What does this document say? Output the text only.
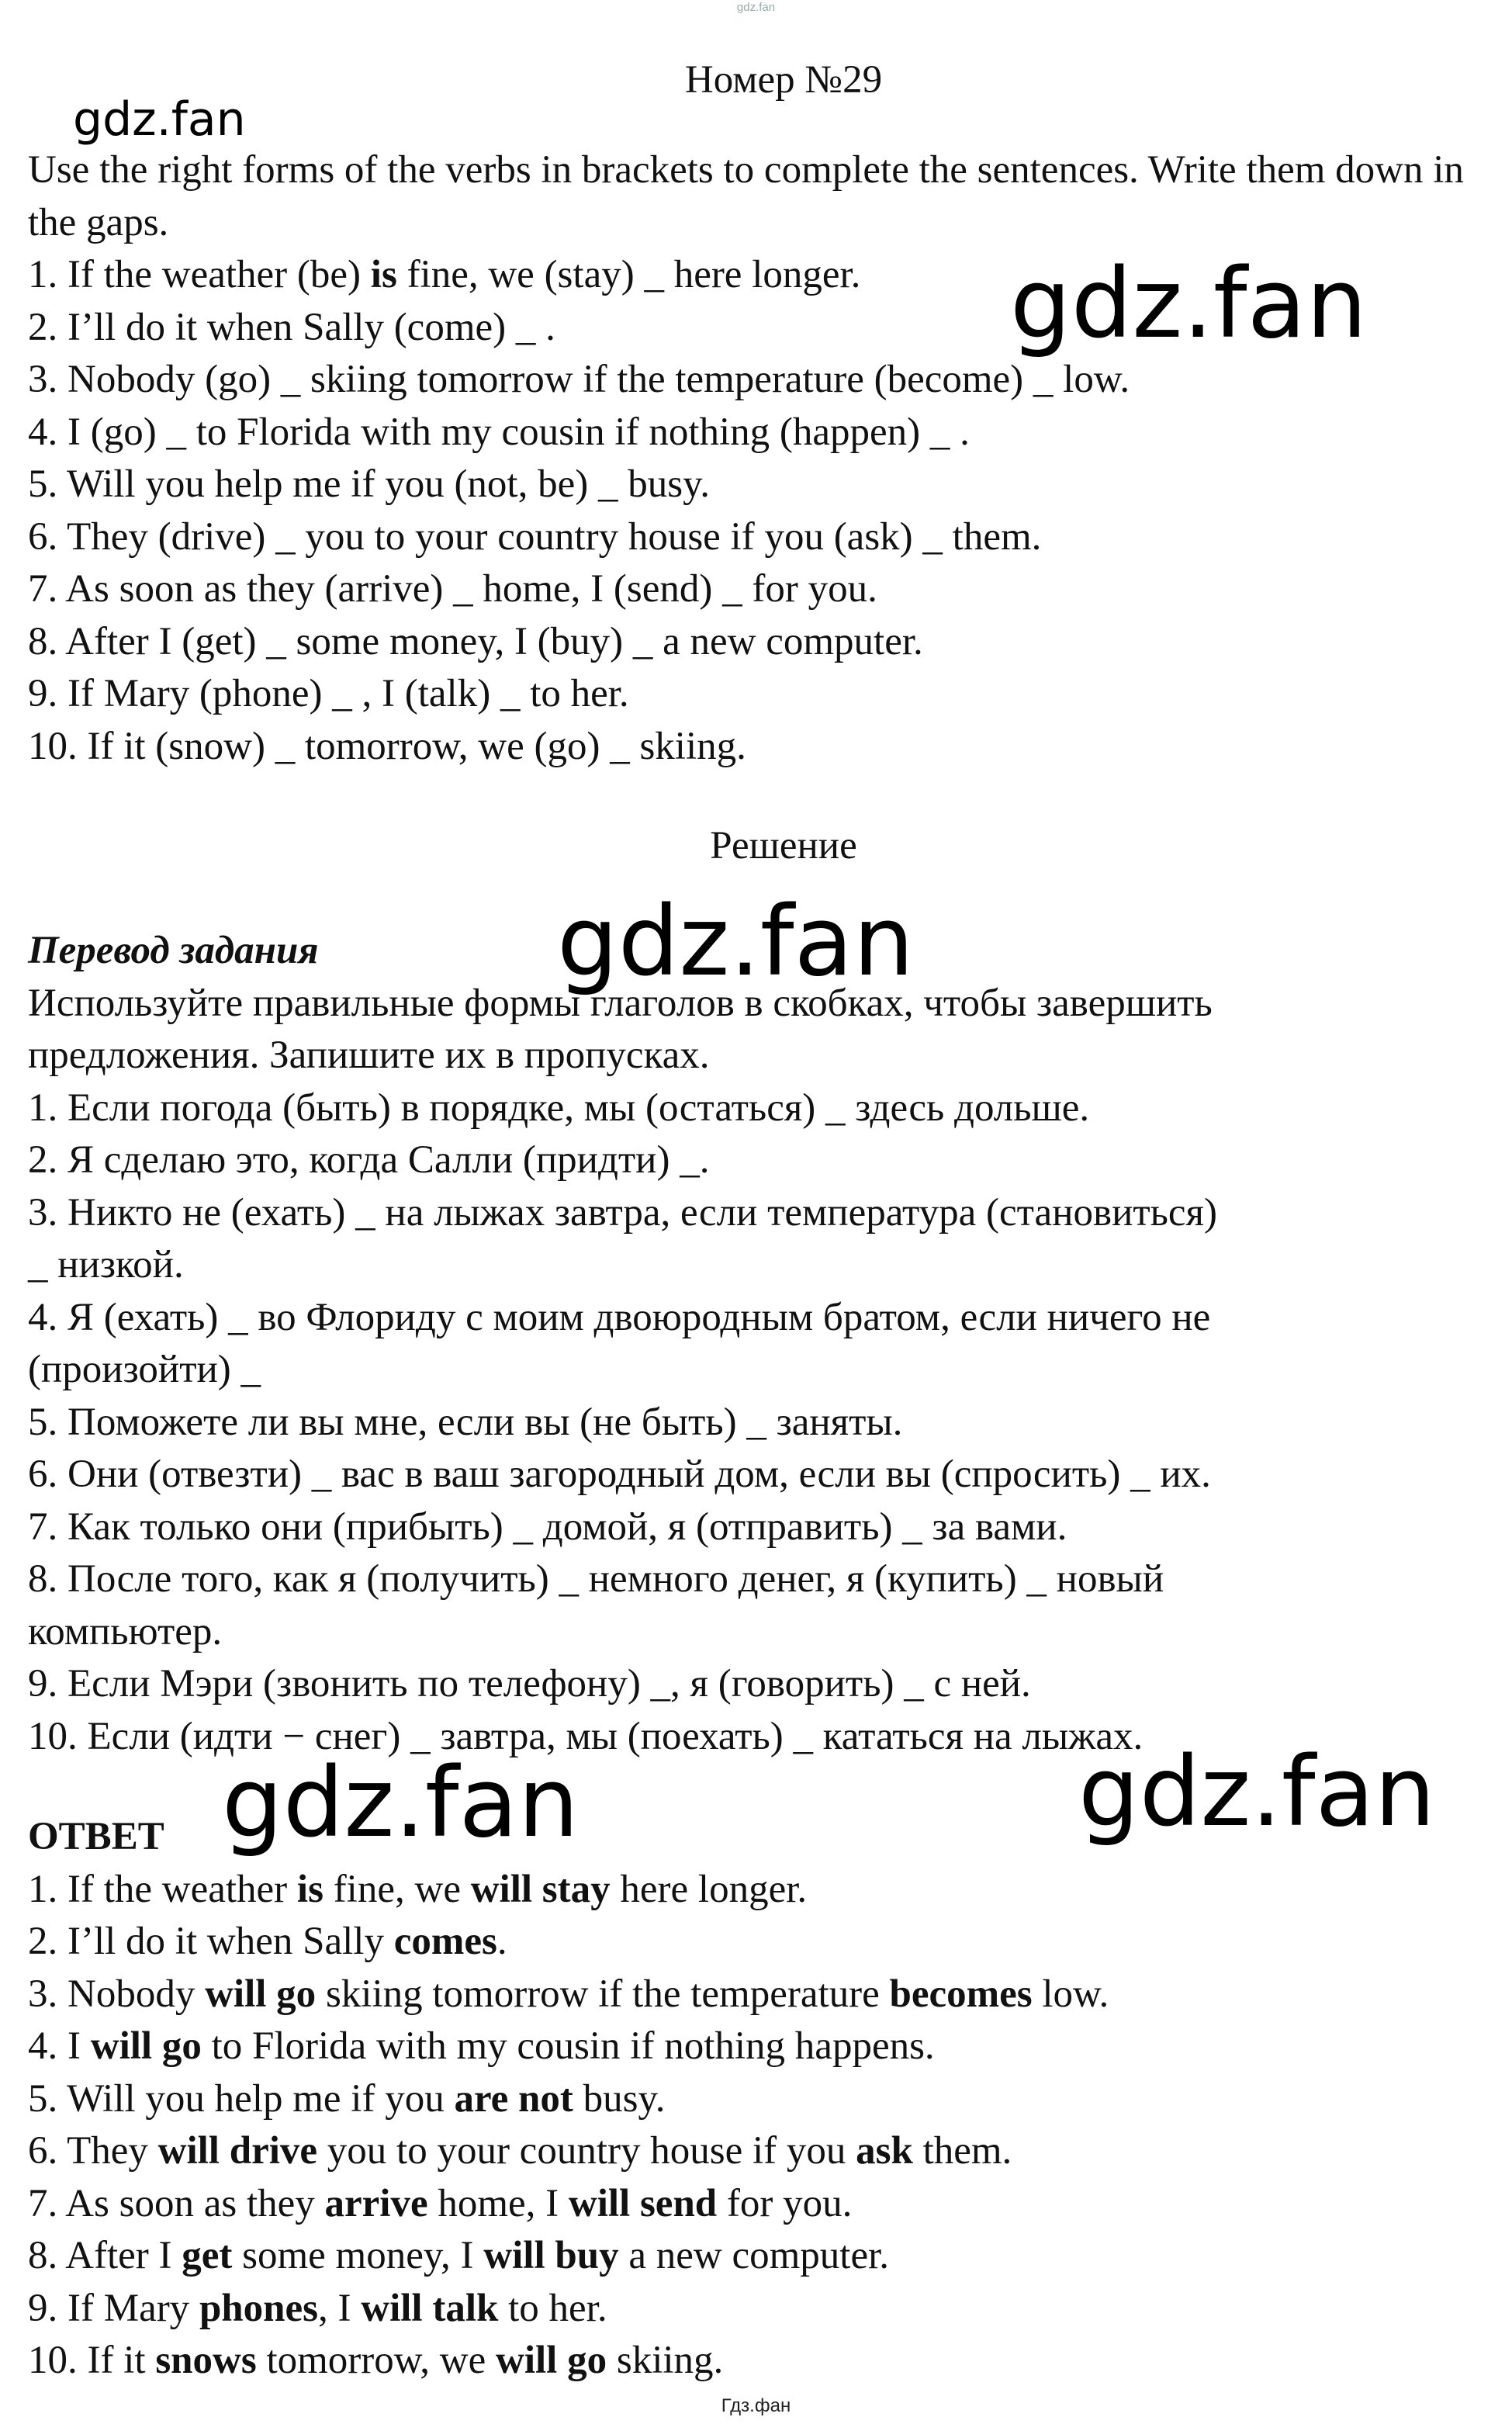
gdz.fan
Номер №29

Use the right forms of the verbs in brackets to complete the sentences. Write them down in the gaps.

1. If the weather (be) is fine, we (stay) _ here longer.

2. I’ll do it when Sally (come) _ .

3. Nobody (go) _ skiing tomorrow if the temperature (become) _ low.

4. I (go) _ to Florida with my cousin if nothing (happen) _ .

5. Will you help me if you (not, be) _ busy.

6. They (drive) _ you to your country house if you (ask) _ them.

7. As soon as they (arrive) _ home, I (send) _ for you.

8. After I (get) _ some money, I (buy) _ a new computer.

9. If Mary (phone) _ , I (talk) _ to her.

10. If it (snow) _ tomorrow, we (go) _ skiing.

Решение

Перевод задания

Используйте правильные формы глаголов в скобках, чтобы завершить

предложения. Запишите их в пропусках.

1. Если погода (быть) в порядке, мы (остаться) _ здесь дольше.

2. Я сделаю это, когда Салли (придти) _.

3. Никто не (ехать) _ на лыжах завтра, если температура (становиться)

_ низкой.

4. Я (ехать) _ во Флориду с моим двоюродным братом, если ничего не

(произойти) _

5. Поможете ли вы мне, если вы (не быть) _ заняты.

6. Они (отвезти) _ вас в ваш загородный дом, если вы (спросить) _ их.

7. Как только они (прибыть) _ домой, я (отправить) _ за вами.

8. После того, как я (получить) _ немного денег, я (купить) _ новый

компьютер.

9. Если Мэри (звонить по телефону) _, я (говорить) _ с ней.

10. Если (идти − снег) _ завтра, мы (поехать) _ кататься на лыжах.

ОТВЕТ

1. If the weather is fine, we will stay here longer.

2. I’ll do it when Sally comes.

3. Nobody will go skiing tomorrow if the temperature becomes low.

4. I will go to Florida with my cousin if nothing happens.

5. Will you help me if you are not busy.

6. They will drive you to your country house if you ask them.

7. As soon as they arrive home, I will send for you.

8. After I get some money, I will buy a new computer.

9. If Mary phones, I will talk to her.

10. If it snows tomorrow, we will go skiing.

gdz.fan
gdz.fan
gdz.fan
gdz.fan
gdz.fan
Гдз.фан
